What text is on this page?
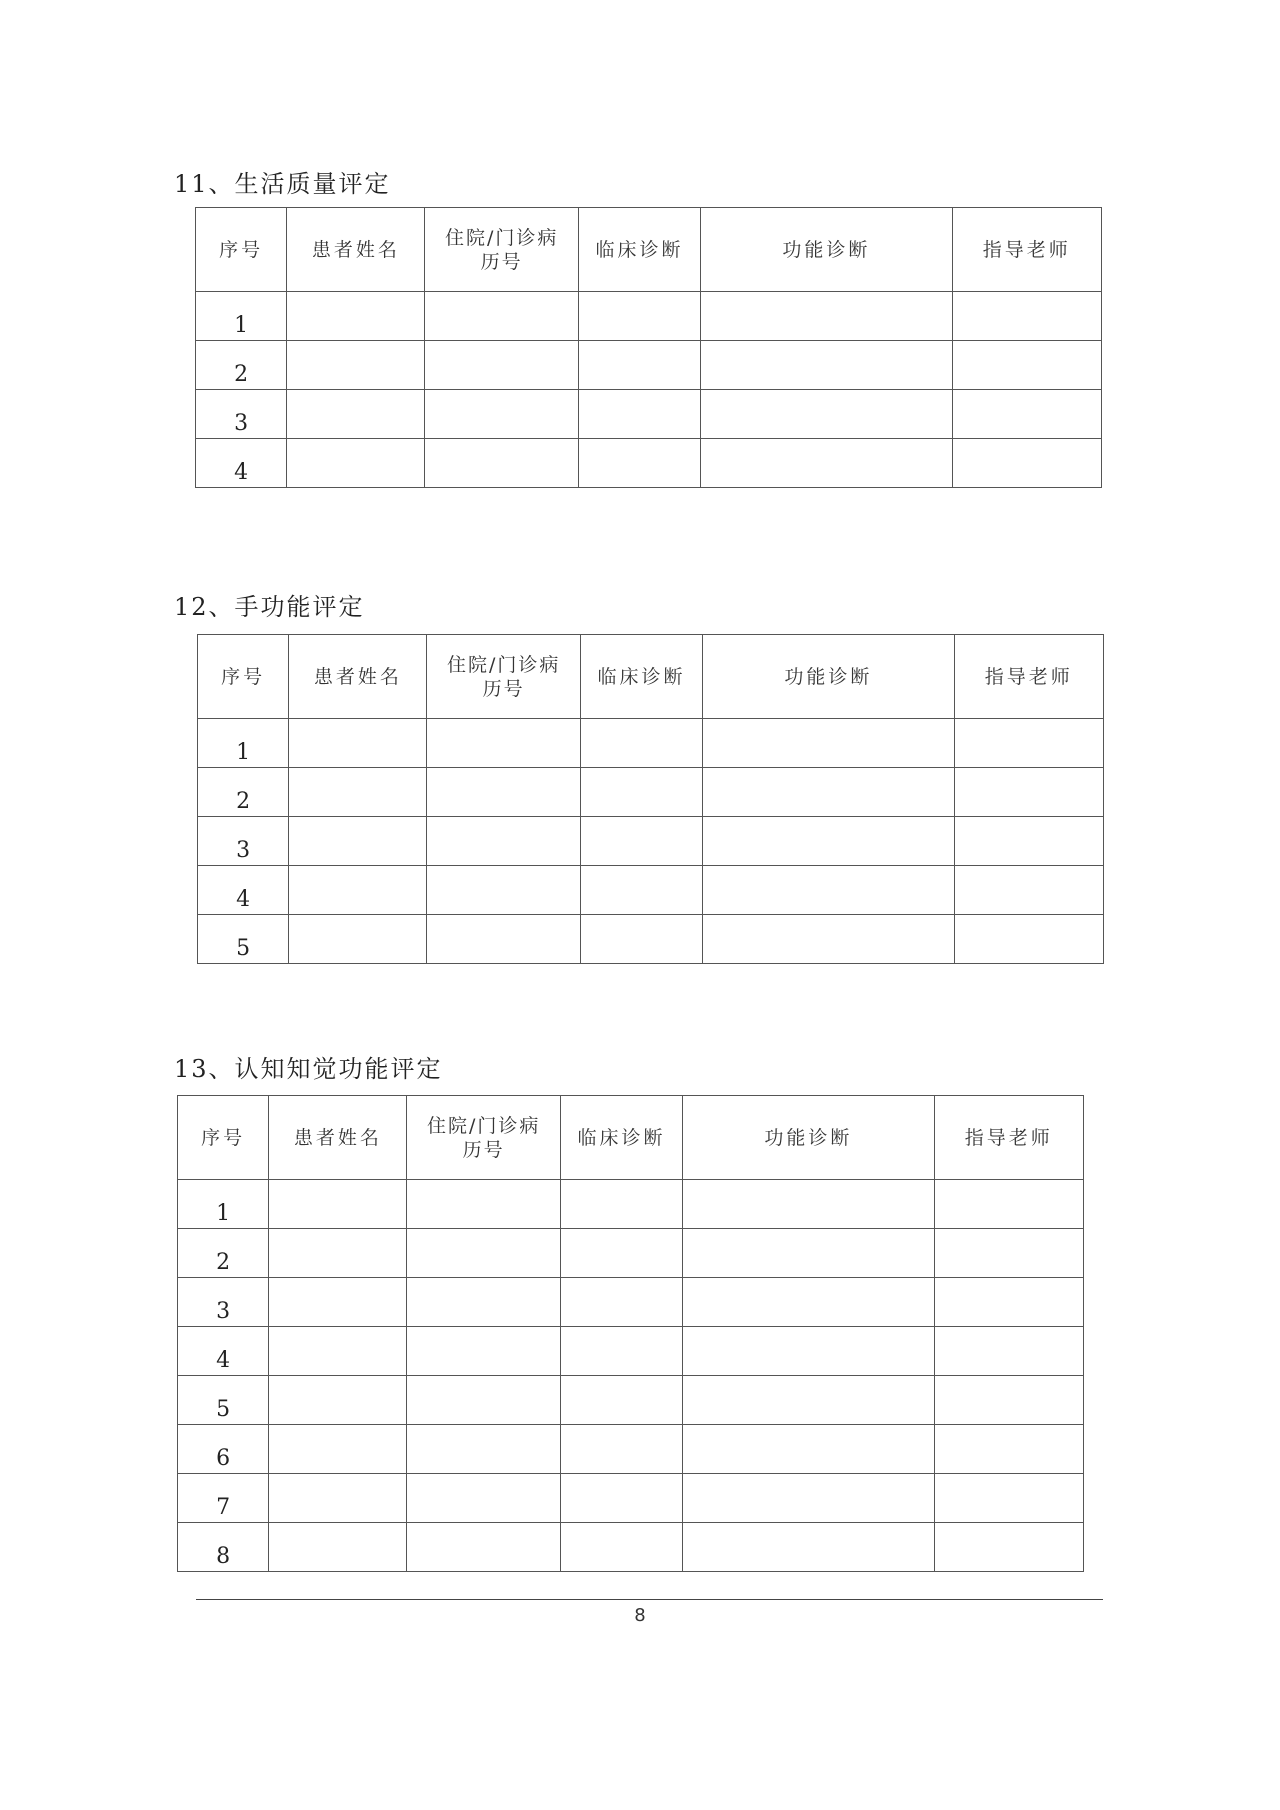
11、生活质量评定
序号	患者姓名	住院/门诊病历号	临床诊断	功能诊断	指导老师
1					
2					
3					
4					
12、手功能评定
序号	患者姓名	住院/门诊病历号	临床诊断	功能诊断	指导老师
1					
2					
3					
4					
5					
13、认知知觉功能评定
序号	患者姓名	住院/门诊病历号	临床诊断	功能诊断	指导老师
1					
2					
3					
4					
5					
6					
7					
8					
8
